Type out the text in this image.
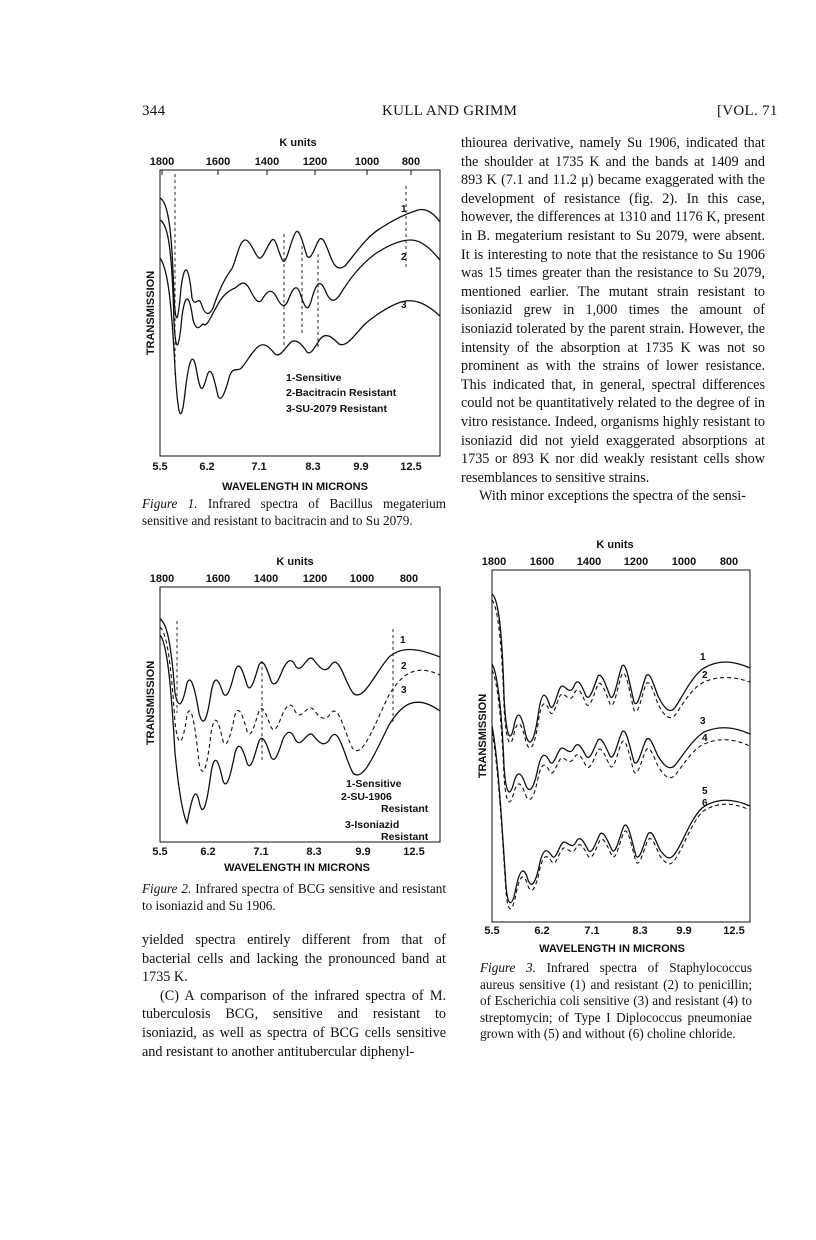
344	KULL AND GRIMM	[VOL. 71
K units
1800	1600 1400 1200	1000 800
TRANSMISSION
1
2
3
1-Sensitive
2-Bacitracin Resistant
3-SU-2079 Resistant
5.5	6.2	7.1	8.3	9.9	12.5
WAVELENGTH IN MICRONS
Figure 1. Infrared spectra of Bacillus megaterium sensitive and resistant to bacitracin and to Su 2079.
K units
1800	1600 1400 1200 1000 800
TRANSMISSION
1
2
3
1-Sensitive
2-SU-1906
Resistant
3-Isoniazid
Resistant
5.5	6.2	7.1	8.3	9.9	12.5
WAVELENGTH IN MICRONS
Figure 2. Infrared spectra of BCG sensitive and resistant to isoniazid and Su 1906.

yielded spectra entirely different from that of bacterial cells and lacking the pronounced band at 1735 K.

(C) A comparison of the infrared spectra of M. tuberculosis BCG, sensitive and resistant to isoniazid, as well as spectra of BCG cells sensitive and resistant to another antitubercular diphenyl-

thiourea derivative, namely Su 1906, indicated that the shoulder at 1735 K and the bands at 1409 and 893 K (7.1 and 11.2 μ) became exaggerated with the development of resistance (fig. 2). In this case, however, the differences at 1310 and 1176 K, present in B. megaterium resistant to Su 2079, were absent. It is interesting to note that the resistance to Su 1906 was 15 times greater than the resistance to Su 2079, mentioned earlier. The mutant strain resistant to isoniazid grew in 1,000 times the amount of isoniazid tolerated by the parent strain. However, the intensity of the absorption at 1735 K was not so prominent as with the strains of lower resistance. This indicated that, in general, spectral differences could not be quantitatively related to the degree of in vitro resistance. Indeed, organisms highly resistant to isoniazid did not yield exaggerated absorptions at 1735 or 893 K nor did weakly resistant cells show resemblances to sensitive strains.

With minor exceptions the spectra of the sensi-

K units
1800 1600 1400 1200 1000 800
TRANSMISSION
1
2
3
4
5
6
5.5	6.2	7.1	8.3	9.9	12.5
WAVELENGTH IN MICRONS
Figure 3. Infrared spectra of Staphylococcus aureus sensitive (1) and resistant (2) to penicillin; of Escherichia coli sensitive (3) and resistant (4) to streptomycin; of Type I Diplococcus pneumoniae grown with (5) and without (6) choline chloride.
